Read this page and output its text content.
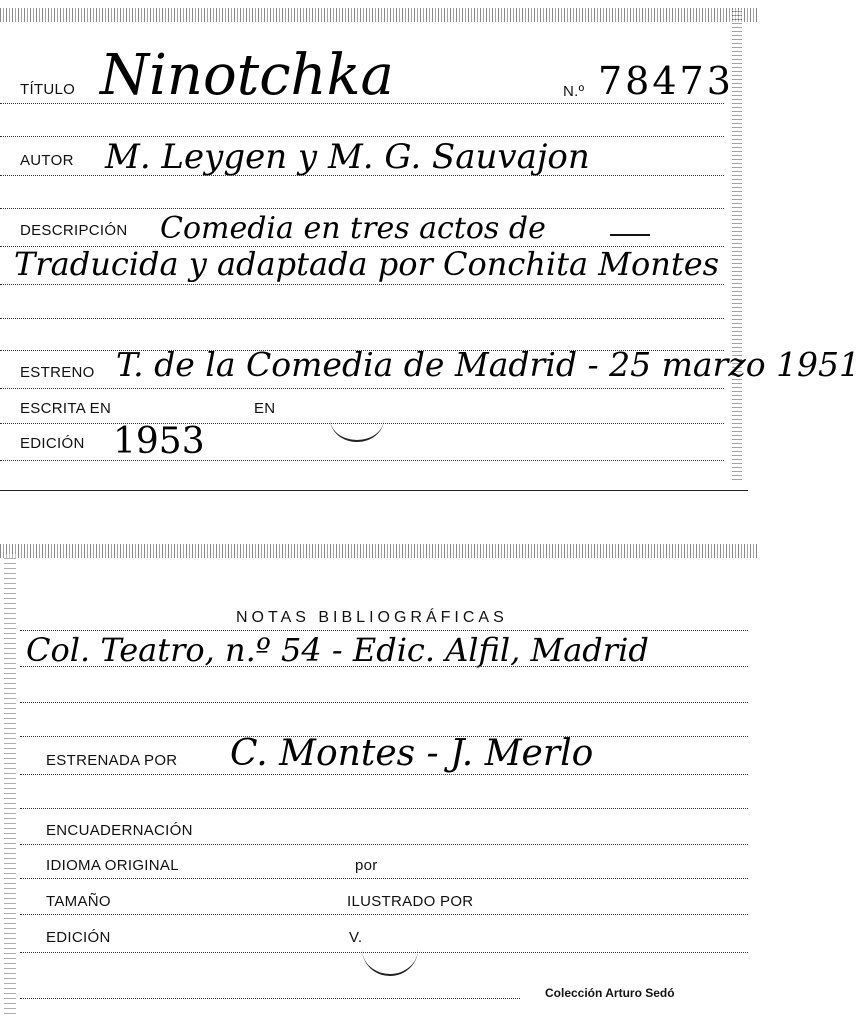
TÍTULO Ninotchka	N.º 78473
AUTOR M. Leygen y M. G. Sauvajon
DESCRIPCIÓN Comedia en tres actos de
Traducida y adaptada por Conchita Montes
ESTRENO T. de la Comedia de Madrid - 25 marzo 1951
ESCRITA EN	EN
EDICIÓN 1953
NOTAS BIBLIOGRÁFICAS
Col. Teatro, n.º 54 - Edic. Alfil, Madrid
ESTRENADA POR C. Montes - J. Merlo
ENCUADERNACIÓN
IDIOMA ORIGINAL	por
TAMAÑO	ILUSTRADO POR
EDICIÓN	V.
Colección Arturo Sedó
